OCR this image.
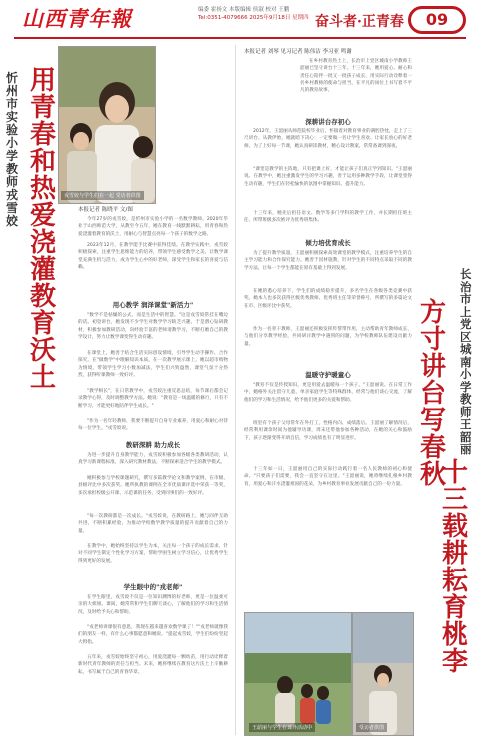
山西青年報	编委 霍扬文 本版编辑 侯淑 校对 王鹏
Tel:0351-4079666 2025年9月18日 星期四 奋斗者·正青春	09
用青春和热爱浇灌教育沃土
忻州市实验小学教师戎雪姣
戎雪姣与学生们在一起 受访者供图
本报记者 陈晓平 文/图
今年27岁的戎雪姣，是忻州市实验小学的一名数学教师。2020年毕业于山西师范大学，从教至今五年，她在教育一线默默耕耘，用青春和热爱浇灌着教育的沃土，用耐心与智慧点亮每一个孩子的数学之路。
2023年12月，在教学能手比赛中获得佳绩。在教学实践中，戎雪姣积极探索，注重学生思维能力的培养，带领学生感受数学之美，让数学课堂充满生机与活力，成为学生心中的好老师，深受学生和家长的喜爱与信赖。
用心教学 润泽课堂"新活力"
"数学不是枯燥的公式，而是生活中的智慧。"这是戎雪姣常挂在嘴边的话。初登讲台，她发现不少学生对数学学习缺乏兴趣，于是潜心钻研教材，积极参加教研活动，向经验丰富的老师请教学习，不断打磨自己的教学设计，努力让数学课变得生动有趣。
在课堂上，她善于结合生活实际创设情境，引导学生动手操作、合作探究，在"做数学"中理解知识本质。在一次教学展示课上，她以超市购物为情境，带领学生学习小数加减法，学生们兴致盎然，课堂气氛十分热烈，获得听课教师一致好评。
"教学相长"，在日常教学中，戎雪姣注重反思总结，每节课后都会记录教学心得，及时调整教学方法。她说："教育是一场温暖的修行，只有不断学习，才能更好地陪伴学生成长。"
"作为一名年轻教师，我要不断提升自身专业素养，用爱心和耐心对待每一位学生。"戎雪姣说。
教研深耕 助力成长
为进一步提升自身教学能力，戎雪姣积极参加各级各类教研活动，认真学习新课程标准，深入研究教材教法，不断探索适合学生的教学模式。
她积极参与学校课题研究，撰写多篇教学论文和教学案例，在市级、县级评比中多次获奖。她所执教的课例在全市优质课评选中荣获一等奖，多次承担校级公开课、示范课的任务，受到同事们的一致好评。
"每一次教研都是一次成长。"戎雪姣说，在教研路上，她与同伴互助共进，不断积累经验，为推动学校数学教学质量的提升贡献着自己的力量。
在教学中，她始终坚持以学生为本，关注每一个孩子的成长需求，针对不同学生制定个性化学习方案，帮助学困生树立学习信心，让优秀学生得到更好的发展。
学生眼中的"戎老师"
在学生眼里，戎雪姣不仅是一位知识渊博的好老师，更是一位温柔可亲的大姐姐。课间，她常常和学生们聊天谈心，了解他们的学习和生活情况，及时给予关心和帮助。
"戎老师讲课很有意思，我现在越来越喜欢数学课了！""戎老师就像我们的朋友一样，有什么心事都愿意和她说。"提起戎雪姣，学生们纷纷竖起大拇指。
五年来，戎雪姣始终坚守初心，用爱浇灌每一颗幼苗，用行动诠释着新时代青年教师的责任与担当。未来，她将继续在教育这片沃土上辛勤耕耘，书写属于自己的青春华章。
本报记者 刘琴 见习记者 陈伟洁 李习亚 鸣谢
在乡村教育热土上，长治市上党区城南小学教师王韶丽已坚守讲台十三年。十三年来，她用爱心、耐心和责任心陪伴一批又一批孩子成长，用实际行动诠释着一名乡村教师的使命与担当，在平凡的岗位上书写着不平凡的教育故事。
深耕讲台存初心
2012年，王韶丽从师范院校毕业后，怀揣着对教育事业的满腔热忱，走上了三尺讲台。从教伊始，她就暗下决心：一定要做一名让学生喜欢、让家长放心的好老师。为了上好每一节课，她认真研读教材，精心设计教案，常常备课到深夜。
"课堂是教学的主阵地，只有把课上好，才能让孩子们真正学到知识。"王韶丽说。在教学中，她注重激发学生的学习兴趣，善于运用多种教学手段，让课堂变得生动有趣，学生们在轻松愉快的氛围中掌握知识、提升能力。
十三年来，她先后担任语文、数学等多门学科的教学工作，并长期担任班主任，所带班级多次被评为优秀班集体。
倾力培优育成长
为了提升教学质量，王韶丽积极探索高效课堂的教学模式，注重培养学生的自主学习能力和合作探究能力。她善于因材施教，针对学生的不同特点采取不同的教学方法，让每一个学生都能在原有基础上得到发展。
在她的悉心培养下，学生们的成绩稳步提升，多名学生在各级各类竞赛中获奖。她本人也多次获得区级优秀教师、优秀班主任等荣誉称号，所撰写的多篇论文在市、区级评比中获奖。
作为一名骨干教师，王韶丽还积极发挥传帮带作用，主动帮助青年教师成长，与他们分享教学经验，共同研讨教学中遇到的问题，为学校教师队伍建设贡献力量。
温暖守护暖童心
"教育不仅是传授知识，更是用爱去温暖每一个孩子。"王韶丽说。在日常工作中，她格外关注留守儿童、单亲家庭学生等特殊群体，经常与他们谈心交流，了解他们的学习和生活情况，给予他们更多的关爱和帮助。
班里有个孩子父母常年在外打工，性格内向、成绩落后。王韶丽了解情况后，经常利用课余时间为他辅导功课，周末还带他参加各种活动，在她的关心和鼓励下，孩子逐渐变得开朗自信，学习成绩也有了明显进步。
十三年如一日，王韶丽用自己的实际行动践行着一名人民教师的初心和使命。"只要孩子们需要，我会一直坚守在这里。"王韶丽说，她将继续扎根乡村教育，用爱心和汗水浇灌祖国的花朵，为乡村教育事业发展贡献自己的一份力量。
王韶丽与学生在课外活动中	受访者供图
长治市上党区城南小学教师王韶丽
方寸讲台写春秋
十三载耕耘育桃李
